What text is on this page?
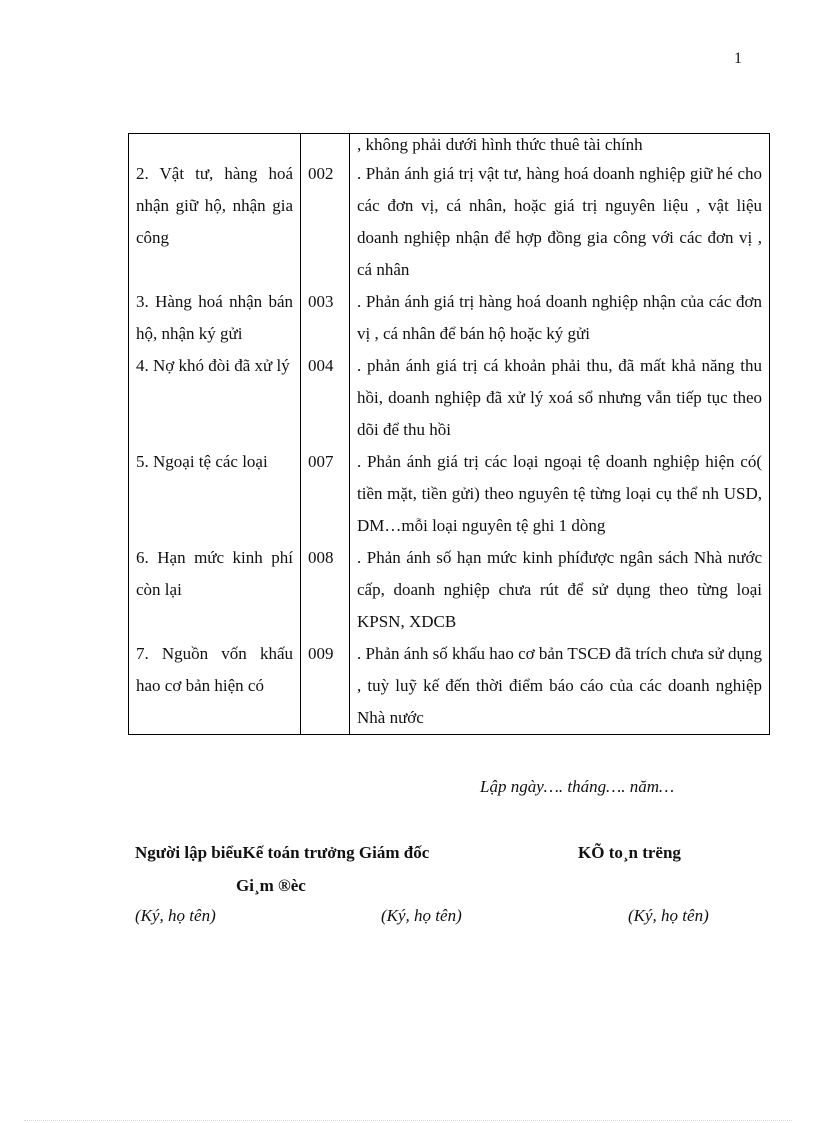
1
		, không phải dưới hình thức thuê tài chính
2. Vật tư, hàng hoá nhận giữ hộ, nhận gia công	002	. Phản ánh giá trị vật tư, hàng hoá doanh nghiệp giữ hé cho các đơn vị, cá nhân, hoặc giá trị nguyên liệu , vật liệu doanh nghiệp nhận để hợp đồng gia công với các đơn vị , cá nhân
3. Hàng hoá nhận bán hộ, nhận ký gửi	003	. Phản ánh giá trị hàng hoá doanh nghiệp nhận của các đơn vị , cá nhân để bán hộ hoặc ký gửi
4. Nợ khó đòi đã xử lý	004	. phản ánh giá trị cá khoản phải thu, đã mất khả năng thu hồi, doanh nghiệp đã xử lý xoá sổ nhưng vẫn tiếp tục theo dõi để thu hồi
5. Ngoại tệ các loại	007	. Phản ánh giá trị các loại ngoại tệ doanh nghiệp hiện có( tiền mặt, tiền gửi) theo nguyên tệ từng loại cụ thể nh USD, DM…mỗi loại nguyên tệ ghi 1 dòng
6. Hạn mức kinh phí còn lại	008	. Phản ánh số hạn mức kinh phíđược ngân sách Nhà nước cấp, doanh nghiệp chưa rút để sử dụng theo từng loại KPSN, XDCB
7. Nguồn vốn khấu hao cơ bản hiện có	009	. Phản ánh số khấu hao cơ bản TSCĐ đã trích chưa sử dụng , tuỳ luỹ kế đến thời điểm báo cáo của các doanh nghiệp Nhà nước
Lập ngày…. tháng…. năm…
Người lập biểuKế toán trưởng Giám đốc	KÕ to¸n trëng
Gi¸m ®èc
(Ký, họ tên)	(Ký, họ tên)	(Ký, họ tên)
